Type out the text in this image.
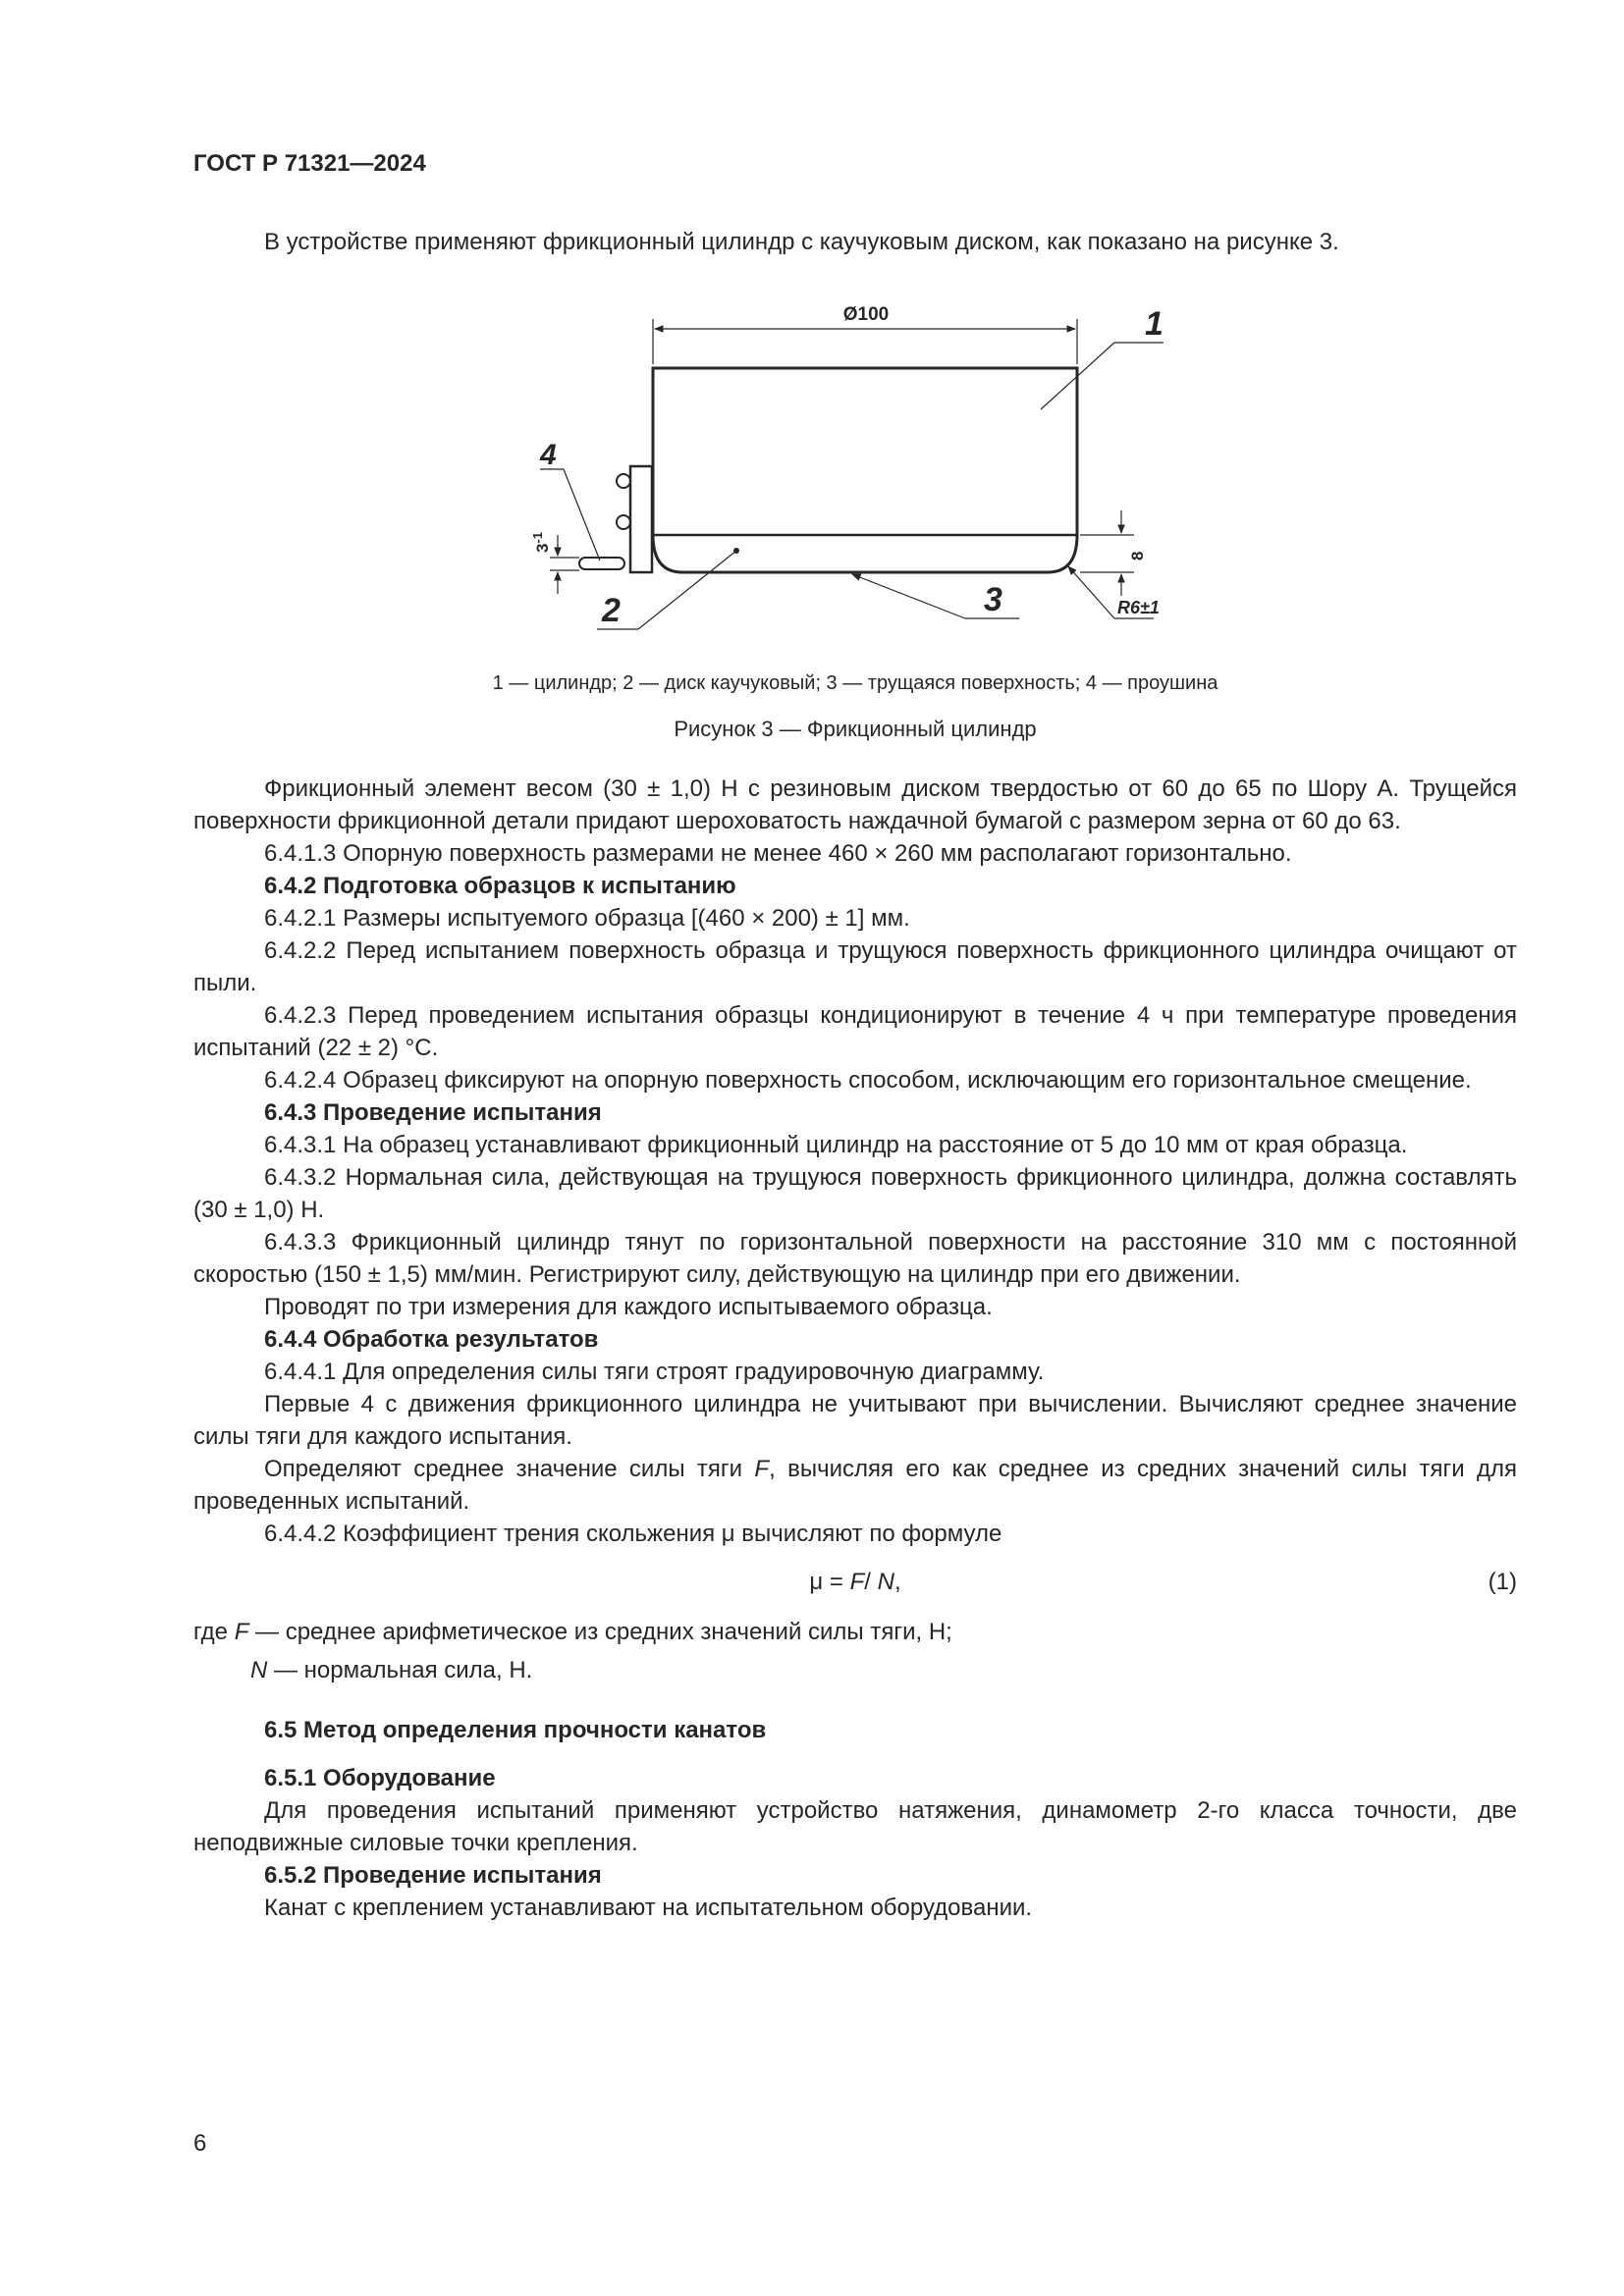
ГОСТ Р 71321—2024
В устройстве применяют фрикционный цилиндр с каучуковым диском, как показано на рисунке 3.
Ø100
$3^{-1}$
4
1
2	3
8
R6±1
1 — цилиндр; 2 — диск каучуковый; 3 — трущаяся поверхность; 4 — проушина
Рисунок 3 — Фрикционный цилиндр

Фрикционный элемент весом (30 ± 1,0) Н с резиновым диском твердостью от 60 до 65 по Шору А. Трущейся поверхности фрикционной детали придают шероховатость наждачной бумагой с размером зерна от 60 до 63.

6.4.1.3 Опорную поверхность размерами не менее 460 × 260 мм располагают горизонтально.

6.4.2 Подготовка образцов к испытанию

6.4.2.1 Размеры испытуемого образца [(460 × 200) ± 1] мм.

6.4.2.2 Перед испытанием поверхность образца и трущуюся поверхность фрикционного цилиндра очищают от пыли.

6.4.2.3 Перед проведением испытания образцы кондиционируют в течение 4 ч при температуре проведения испытаний (22 ± 2) °C.

6.4.2.4 Образец фиксируют на опорную поверхность способом, исключающим его горизонтальное смещение.

6.4.3 Проведение испытания

6.4.3.1 На образец устанавливают фрикционный цилиндр на расстояние от 5 до 10 мм от края образца.

6.4.3.2 Нормальная сила, действующая на трущуюся поверхность фрикционного цилиндра, должна составлять (30 ± 1,0) Н.

6.4.3.3 Фрикционный цилиндр тянут по горизонтальной поверхности на расстояние 310 мм с постоянной скоростью (150 ± 1,5) мм/мин. Регистрируют силу, действующую на цилиндр при его движении.

Проводят по три измерения для каждого испытываемого образца.

6.4.4 Обработка результатов

6.4.4.1 Для определения силы тяги строят градуировочную диаграмму.

Первые 4 с движения фрикционного цилиндра не учитывают при вычислении. Вычисляют среднее значение силы тяги для каждого испытания.

Определяют среднее значение силы тяги F, вычисляя его как среднее из средних значений силы тяги для проведенных испытаний.

6.4.4.2 Коэффициент трения скольжения μ вычисляют по формуле

μ = F/ N,	(1)

где F — среднее арифметическое из средних значений силы тяги, Н;

N — нормальная сила, Н.

6.5 Метод определения прочности канатов

6.5.1 Оборудование

Для проведения испытаний применяют устройство натяжения, динамометр 2-го класса точности, две неподвижные силовые точки крепления.

6.5.2 Проведение испытания

Канат с креплением устанавливают на испытательном оборудовании.

6
